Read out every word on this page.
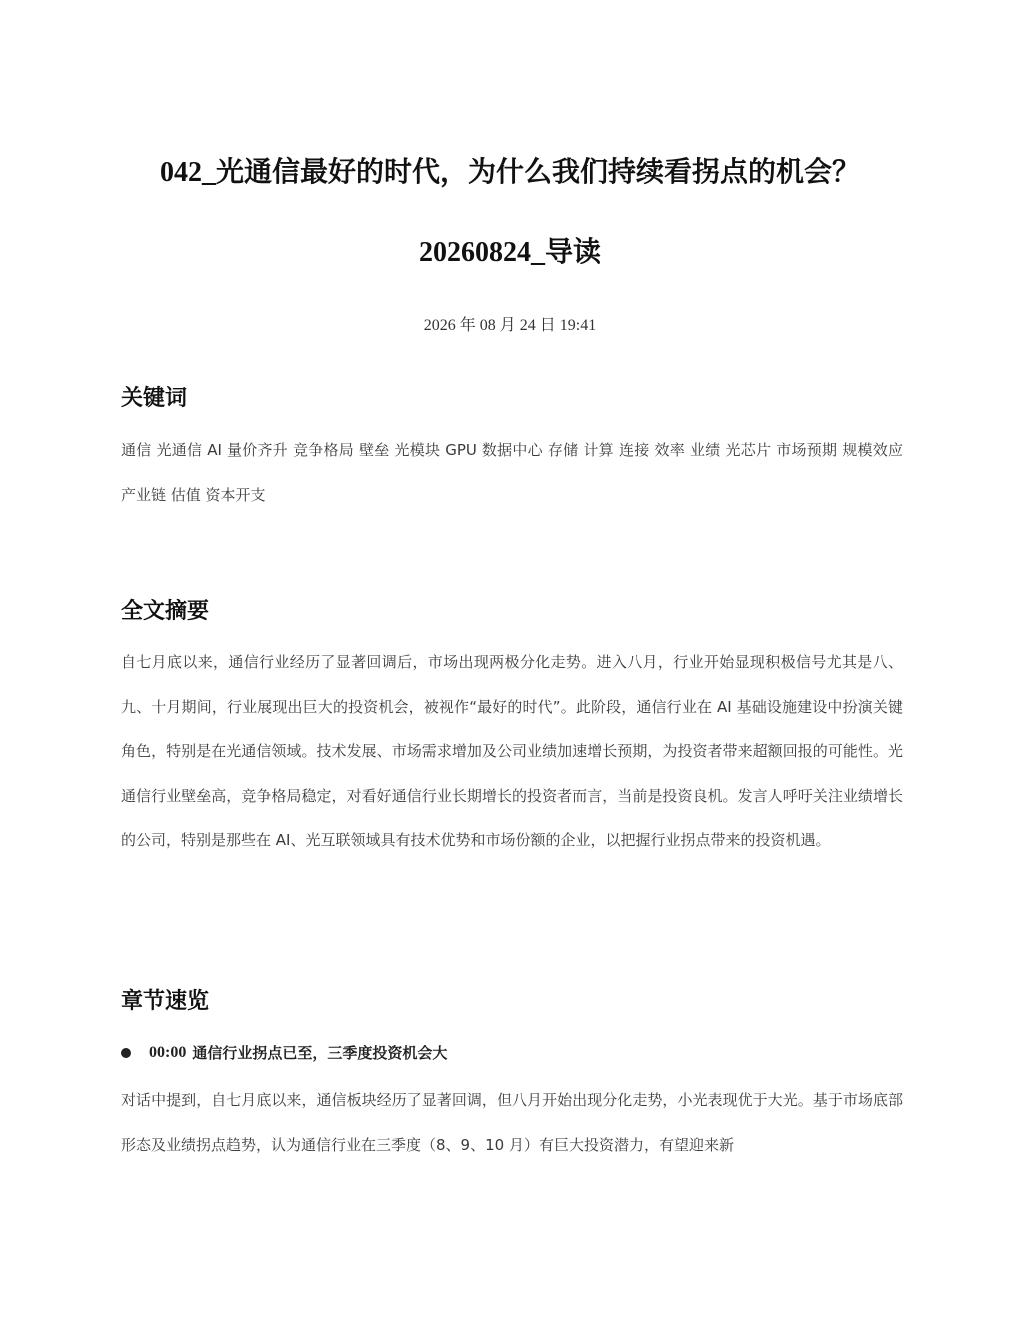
042_光通信最好的时代，为什么我们持续看拐点的机会？
20260824_导读
2026 年 08 月 24 日 19:41
关键词

通信 光通信 AI 量价齐升 竞争格局 壁垒 光模块 GPU 数据中心 存储 计算 连接 效率 业绩 光芯片 市场预期 规模效应 产业链 估值 资本开支

全文摘要

自七月底以来，通信行业经历了显著回调后，市场出现两极分化走势。进入八月，行业开始显现积极信号尤其是八、九、十月期间，行业展现出巨大的投资机会，被视作“最好的时代”。此阶段，通信行业在 AI 基础设施建设中扮演关键角色，特别是在光通信领域。技术发展、市场需求增加及公司业绩加速增长预期，为投资者带来超额回报的可能性。光通信行业壁垒高，竞争格局稳定，对看好通信行业长期增长的投资者而言，当前是投资良机。发言人呼吁关注业绩增长的公司，特别是那些在 AI、光互联领域具有技术优势和市场份额的企业，以把握行业拐点带来的投资机遇。

章节速览
00:00 通信行业拐点已至，三季度投资机会大

对话中提到，自七月底以来，通信板块经历了显著回调，但八月开始出现分化走势，小光表现优于大光。基于市场底部形态及业绩拐点趋势，认为通信行业在三季度（8、9、10 月）有巨大投资潜力，有望迎来新
